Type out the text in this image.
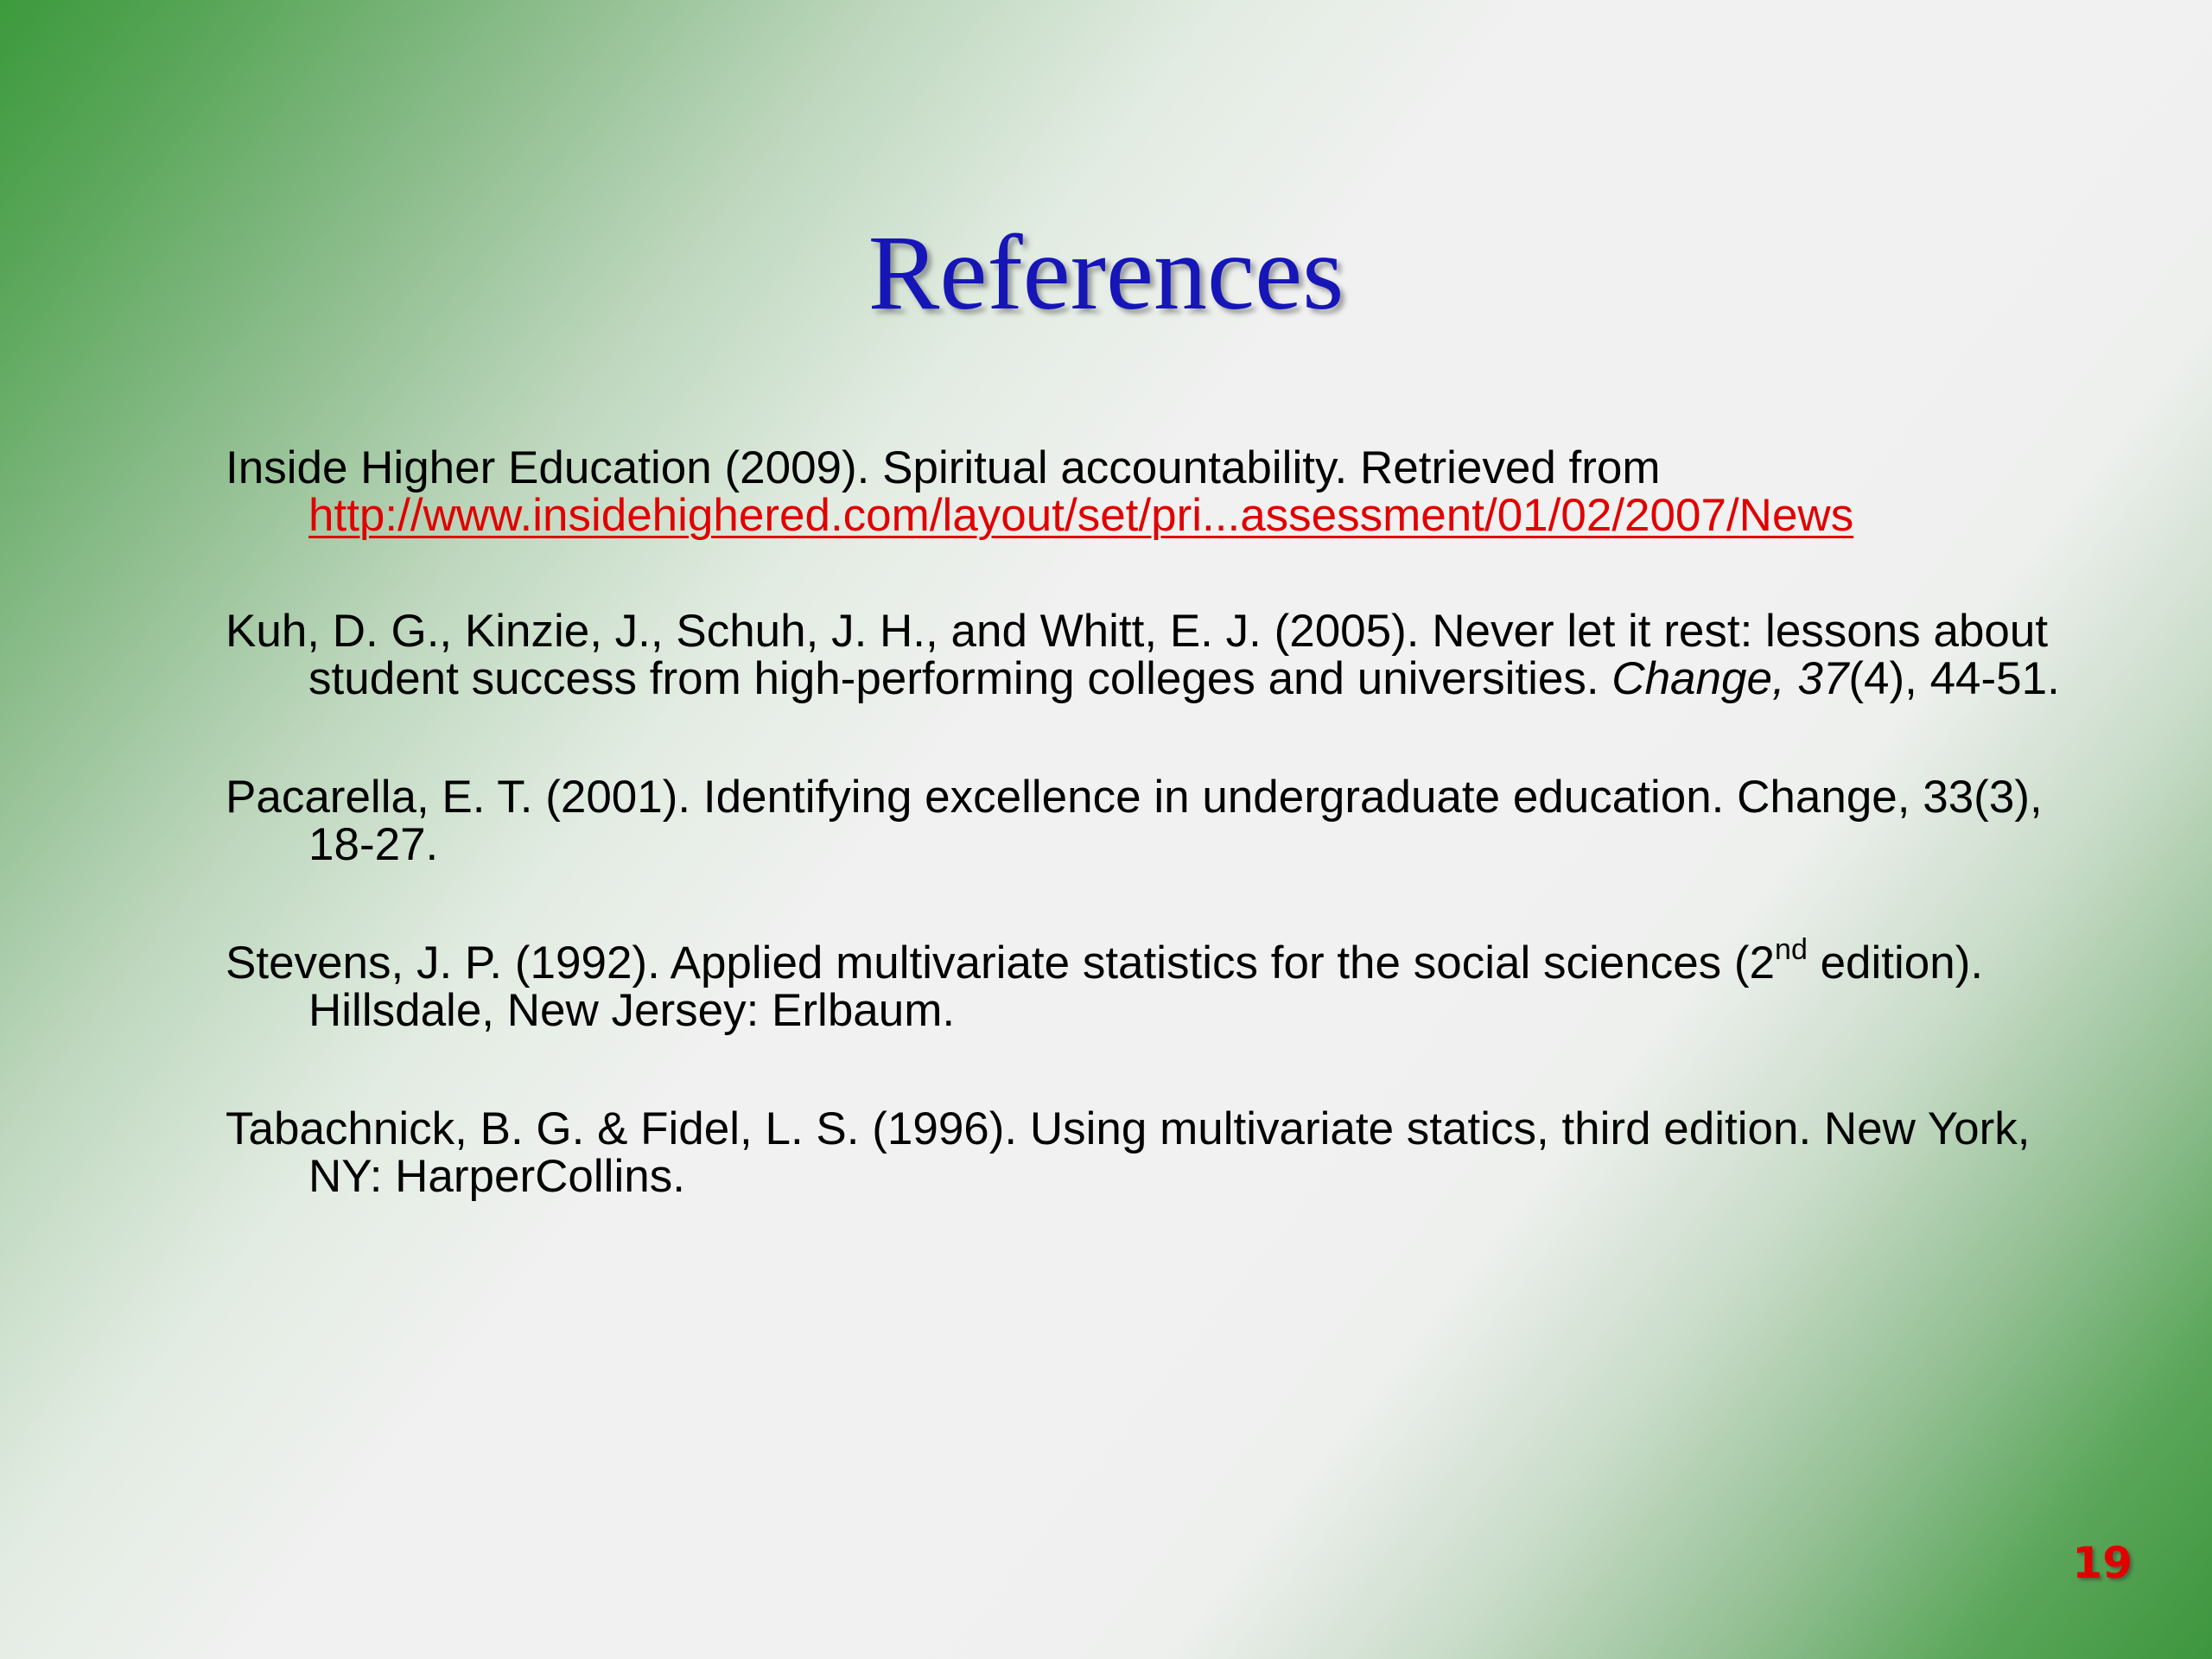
References
Inside Higher Education (2009). Spiritual accountability. Retrieved from
http://www.insidehighered.com/layout/set/pri...assessment/01/02/2007/News
Kuh, D. G., Kinzie, J., Schuh, J. H., and Whitt, E. J. (2005). Never let it rest: lessons about student success from high-performing colleges and universities. Change, 37(4), 44-51.
Pacarella, E. T. (2001). Identifying excellence in undergraduate education. Change, 33(3), 18-27.
Stevens, J. P. (1992). Applied multivariate statistics for the social sciences (2nd edition). Hillsdale, New Jersey: Erlbaum.
Tabachnick, B. G. & Fidel, L. S. (1996). Using multivariate statics, third edition. New York, NY: HarperCollins.
19
